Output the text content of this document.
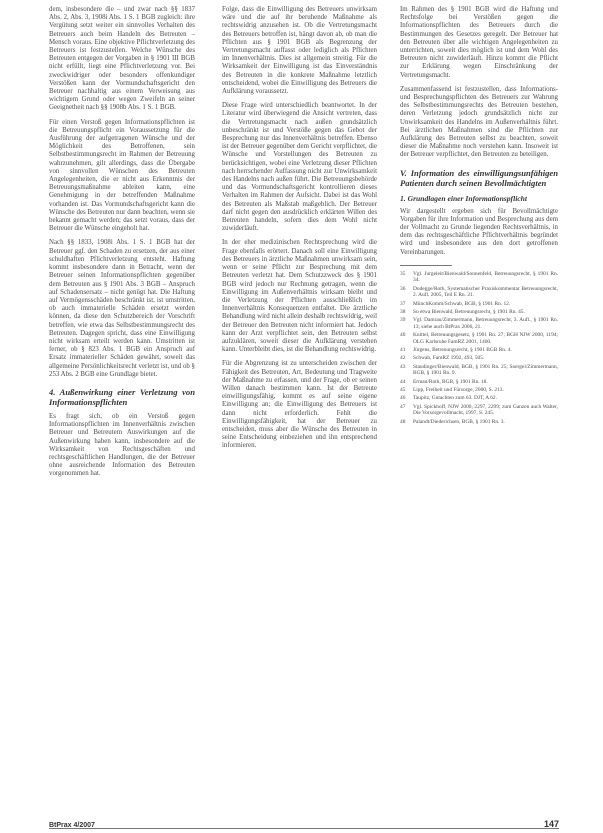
dem, insbesondere die – und zwar nach §§ 1837 Abs. 2, Abs. 3, 1908i Abs. 1 S. 1 BGB zugleich: ihre Vergütung setzt weiter ein sinnvolles Verhalten des Betreuers auch beim Handeln des Betreuten – Mensch voraus. Eine objektive Pflichtverletzung des Betreuers ist festzustellen. Welche Wünsche des Betreuten entgegen der Vorgaben in § 1901 III BGB nicht erfüllt, liegt eine Pflichtverletzung vor. Bei zweckwidriger oder besonders offenkundiger Verstößen kann der Vormundschaftsgericht den Betreuer nachhaltig aus einem Verweisung aus wichtigem Grund oder wegen Zweifeln an seiner Geeignetheit nach §§ 1908b Abs. 1 S. 1 BGB.

Für einen Verstoß gegen Informationspflichten ist die Betreuungspflicht ein Voraussetzung für die Ausführung der aufgetragenen Wünsche und der Möglichkeit des Betroffenen, sein Selbstbestimmungsrecht im Rahmen der Betreuung wahrzunehmen, gilt allerdings, dass die Übergabe von sinnvollen Wünschen des Betreuten Angelegenheiten, die er nicht aus Erkenntnis der Betreuungsmaßnahme ableiten kann, eine Genehmigung in der betreffenden Maßnahme vorhanden ist. Das Vormundschaftsgericht kann die Wünsche des Betreuten nur dann beachten, wenn sie bekannt gemacht werden; das setzt voraus, dass der Betreuer die Wünsche eingeholt hat.

Nach §§ 1833, 1908i Abs. 1 S. 1 BGB hat der Betreuer ggf. den Schaden zu ersetzen, der aus einer schuldhaften Pflichtverletzung entsteht. Haftung kommt insbesondere dann in Betracht, wenn der Betreuer seinen Informationspflichten gegenüber dem Betreuten aus § 1901 Abs. 3 BGB – Anspruch auf Schadensersatz – nicht genügt hat. Die Haftung auf Vermögensschäden beschränkt ist, ist umstritten, ob auch immaterielle Schäden ersetzt werden können, da diese den Schutzbereich der Vorschrift betreffen, wie etwa das Selbstbestimmungsrecht des Betreuten. Dagegen spricht, dass eine Einwilligung nicht wirksam erteilt werden kann. Umstritten ist ferner, ob § 823 Abs. 1 BGB ein Anspruch auf Ersatz immaterieller Schäden gewährt, soweit das allgemeine Persönlichkeitsrecht verletzt ist, und ob § 253 Abs. 2 BGB eine Grundlage bietet.

4. Außenwirkung einer Verletzung von Informationspflichten

Es fragt sich, ob ein Verstoß gegen Informationspflichten im Innenverhältnis zwischen Betreuer und Betreutem Auswirkungen auf die Außenwirkung haben kann, insbesondere auf die Wirksamkeit von Rechtsgeschäften und rechtsgeschäftlichen Handlungen, die der Betreuer ohne ausreichende Information des Betreuten vorgenommen hat.

Folge, dass die Einwilligung des Betreuers unwirksam wäre und die auf ihr beruhende Maßnahme als rechtswidrig anzusehen ist. Ob die Vertretungsmacht des Betreuers betroffen ist, hängt davon ab, ob man die Pflichten aus § 1901 BGB als Begrenzung der Vertretungsmacht auffasst oder lediglich als Pflichten im Innenverhältnis. Dies ist allgemein streitig. Für die Wirksamkeit der Einwilligung ist das Einverständnis des Betreuten in die konkrete Maßnahme letztlich entscheidend, wobei die Einwilligung des Betreuers die Aufklärung voraussetzt.

Diese Frage wird unterschiedlich beantwortet. In der Literatur wird überwiegend die Ansicht vertreten, dass die Vertretungsmacht nach außen grundsätzlich unbeschränkt ist und Verstöße gegen das Gebot der Besprechung nur das Innenverhältnis betreffen. Ebenso ist der Betreuer gegenüber dem Gericht verpflichtet, die Wünsche und Vorstellungen des Betreuten zu berücksichtigen, wobei eine Verletzung dieser Pflichten nach herrschender Auffassung nicht zur Unwirksamkeit des Handelns nach außen führt. Die Betreuungsbehörde und das Vormundschaftsgericht kontrollieren dieses Verhalten im Rahmen der Aufsicht. Dabei ist das Wohl des Betreuten als Maßstab maßgeblich. Der Betreuer darf nicht gegen den ausdrücklich erklärten Willen des Betreuten handeln, sofern dies dem Wohl nicht zuwiderläuft.

In der eher medizinischen Rechtsprechung wird die Frage ebenfalls erörtert. Danach soll eine Einwilligung des Betreuers in ärztliche Maßnahmen unwirksam sein, wenn er seine Pflicht zur Besprechung mit dem Betreuten verletzt hat. Dem Schutzzweck des § 1901 BGB wird jedoch nur Rechnung getragen, wenn die Einwilligung im Außenverhältnis wirksam bleibt und die Verletzung der Pflichten ausschließlich im Innenverhältnis Konsequenzen entfaltet. Die ärztliche Behandlung wird nicht allein deshalb rechtswidrig, weil der Betreuer den Betreuten nicht informiert hat. Jedoch kann der Arzt verpflichtet sein, den Betreuten selbst aufzuklären, soweit dieser die Aufklärung verstehen kann. Unterbleibt dies, ist die Behandlung rechtswidrig.

Für die Abgrenzung ist zu unterscheiden zwischen der Fähigkeit des Betreuten, Art, Bedeutung und Tragweite der Maßnahme zu erfassen, und der Frage, ob er seinen Willen danach bestimmen kann. Ist der Betreute einwilligungsfähig, kommt es auf seine eigene Einwilligung an; die Einwilligung des Betreuers ist dann nicht erforderlich. Fehlt die Einwilligungsfähigkeit, hat der Betreuer zu entscheiden, muss aber die Wünsche des Betreuten in seine Entscheidung einbeziehen und ihn entsprechend informieren.

Im Rahmen des § 1901 BGB wird die Haftung und Rechtsfolge bei Verstößen gegen die Informationspflichten des Betreuers durch die Bestimmungen des Gesetzes geregelt. Der Betreuer hat den Betreuten über alle wichtigen Angelegenheiten zu unterrichten, soweit dies möglich ist und dem Wohl des Betreuten nicht zuwiderläuft. Hinzu kommt die Pflicht zur Erklärung wegen Einschränkung der Vertretungsmacht.

Zusammenfassend ist festzustellen, dass Informations- und Besprechungspflichten des Betreuers zur Wahrung des Selbstbestimmungsrechts des Betreuten bestehen, deren Verletzung jedoch grundsätzlich nicht zur Unwirksamkeit des Handelns im Außenverhältnis führt. Bei ärztlichen Maßnahmen sind die Pflichten zur Aufklärung des Betreuten selbst zu beachten, soweit dieser die Maßnahme noch verstehen kann. Insoweit ist der Betreuer verpflichtet, den Betreuten zu beteiligen.

V. Information des einwilligungsunfähigen Patienten durch seinen Bevollmächtigten
1. Grundlagen einer Informationspflicht

Wir dargestellt ergeben sich für Bevollmächtigte Vorgaben für ihre Information und Besprechung aus dem der Vollmacht zu Grunde liegenden Rechtsverhältnis, in dem das rechtsgeschäftliche Pflichtverhältnis begründet wird und insbesondere aus den dort getroffenen Vereinbarungen.

35	Vgl. Jurgeleit/Bienwald/Sonnenfeld, Betreuungsrecht, § 1901 Rn. 34.
36	Dodegge/Roth, Systematischer Praxiskommentar Betreuungsrecht, 2. Aufl. 2005, Teil E Rn. 21.
37	MünchKomm/Schwab, BGB, § 1901 Rn. 12.
38	So etwa Bienwald, Betreuungsrecht, § 1901 Rn. 45.
39	Vgl. Damrau/Zimmermann, Betreuungsrecht, 3. Aufl., § 1901 Rn. 13; siehe auch BtPrax 2006, 21.
40	Knittel, Betreuungsgesetz, § 1901 Rn. 27; BGH NJW 2000, 1194; OLG Karlsruhe FamRZ 2001, 1400.
41	Jürgens, Betreuungsrecht, § 1901 BGB Rn. 4.
42	Schwab, FamRZ 1992, 493, 505.
43	Staudinger/Bienwald, BGB, § 1901 Rn. 25; Soergel/Zimmermann, BGB, § 1901 Rn. 9.
44	Erman/Roth, BGB, § 1901 Rn. 18.
45	Lipp, Freiheit und Fürsorge, 2000, S. 213.
46	Taupitz, Gutachten zum 63. DJT, A 62.
47	Vgl. Spickhoff, NJW 2000, 2297, 2299; zum Ganzen auch Walter, Die Vorsorgevollmacht, 1997, S. 245.
48	Palandt/Diederichsen, BGB, § 1901 Rn. 3.
BtPrax 4/2007	147
